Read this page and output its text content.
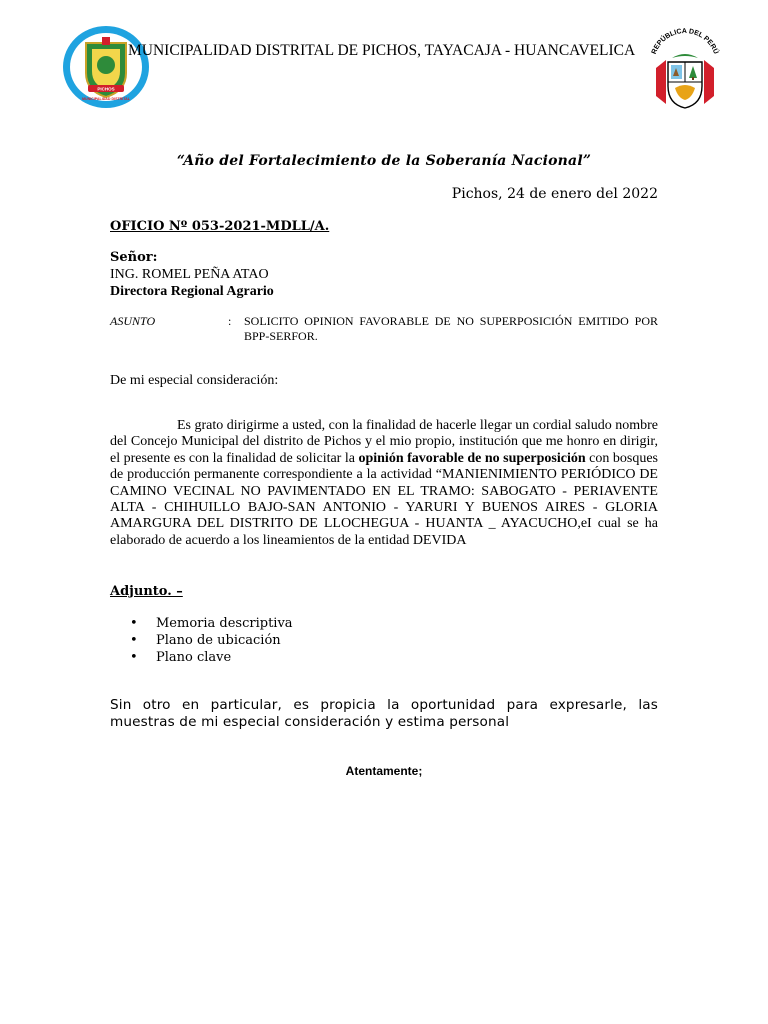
PICHOS
MUNICIPALIDAD DISTRITAL
MUNICIPALIDAD DISTRITAL DE PICHOS, TAYACAJA - HUANCAVELICA	REPÚBLICA DEL PERÚ
“Año del Fortalecimiento de la Soberanía Nacional”
Pichos, 24 de enero del 2022
OFICIO Nº 053-2021-MDLL/A.
Señor:
ING. ROMEL PEÑA ATAO
Directora Regional Agrario
ASUNTO	: SOLICITO OPINION FAVORABLE DE NO SUPERPOSICIÓN EMITIDO POR BPP-SERFOR.
De mi especial consideración:
Es grato dirigirme a usted, con la finalidad de hacerle llegar un cordial saludo nombre del Concejo Municipal del distrito de Pichos y el mio propio, institución que me honro en dirigir, el presente es con la finalidad de solicitar la opinión favorable de no superposición con bosques de producción permanente correspondiente a la actividad “MANIENIMIENTO PERIÓDICO DE CAMINO VECINAL NO PAVIMENTADO EN EL TRAMO: SABOGATO - PERIAVENTE ALTA - CHIHUILLO BAJO-SAN ANTONIO - YARURI Y BUENOS AIRES - GLORIA AMARGURA DEL DISTRITO DE LLOCHEGUA - HUANTA _ AYACUCHO,eI cual se ha elaborado de acuerdo a los lineamientos de la entidad DEVIDA
Adjunto. –
• Memoria descriptiva
• Plano de ubicación
• Plano clave
Sin otro en particular, es propicia la oportunidad para expresarle, las muestras de mi especial consideración y estima personal
Atentamente;
